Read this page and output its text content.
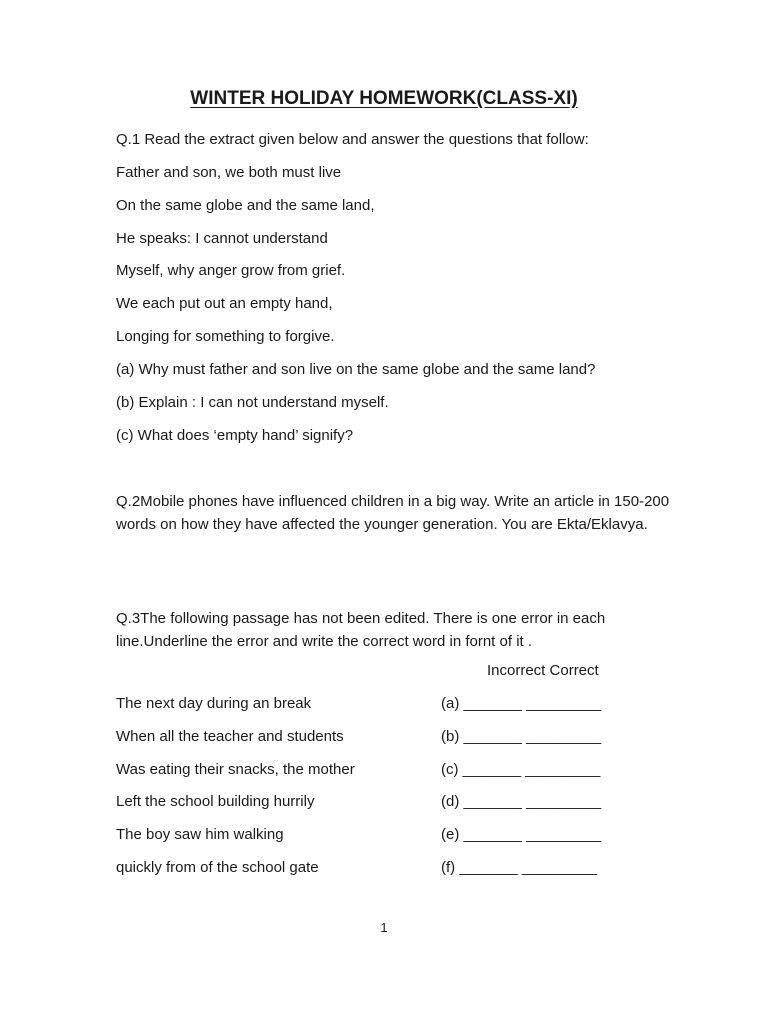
WINTER HOLIDAY HOMEWORK(CLASS-XI)
Q.1 Read the extract given below and answer the questions that follow:
Father and son, we both must live
On the same globe and the same land,
He speaks: I cannot understand
Myself, why anger grow from grief.
We each put out an empty hand,
Longing for something to forgive.
(a) Why must father and son live on the same globe and the same land?
(b) Explain : I can not understand myself.
(c) What does ‘empty hand’ signify?
Q.2Mobile phones have influenced children in a big way. Write an article in 150-200 words on how they have affected the younger generation. You are Ekta/Eklavya.
Q.3The following passage has not been edited. There is one error in each line.Underline the error and write the correct word in fornt of it .
Incorrect Correct
The next day during an break	(a) _______ _________
When all the teacher and students	(b) _______ _________
Was eating their snacks, the mother	(c) _______ _________
Left the school building hurrily	(d) _______ _________
The boy saw him walking	(e) _______ _________
quickly from of the school gate	(f) _______ _________
1
